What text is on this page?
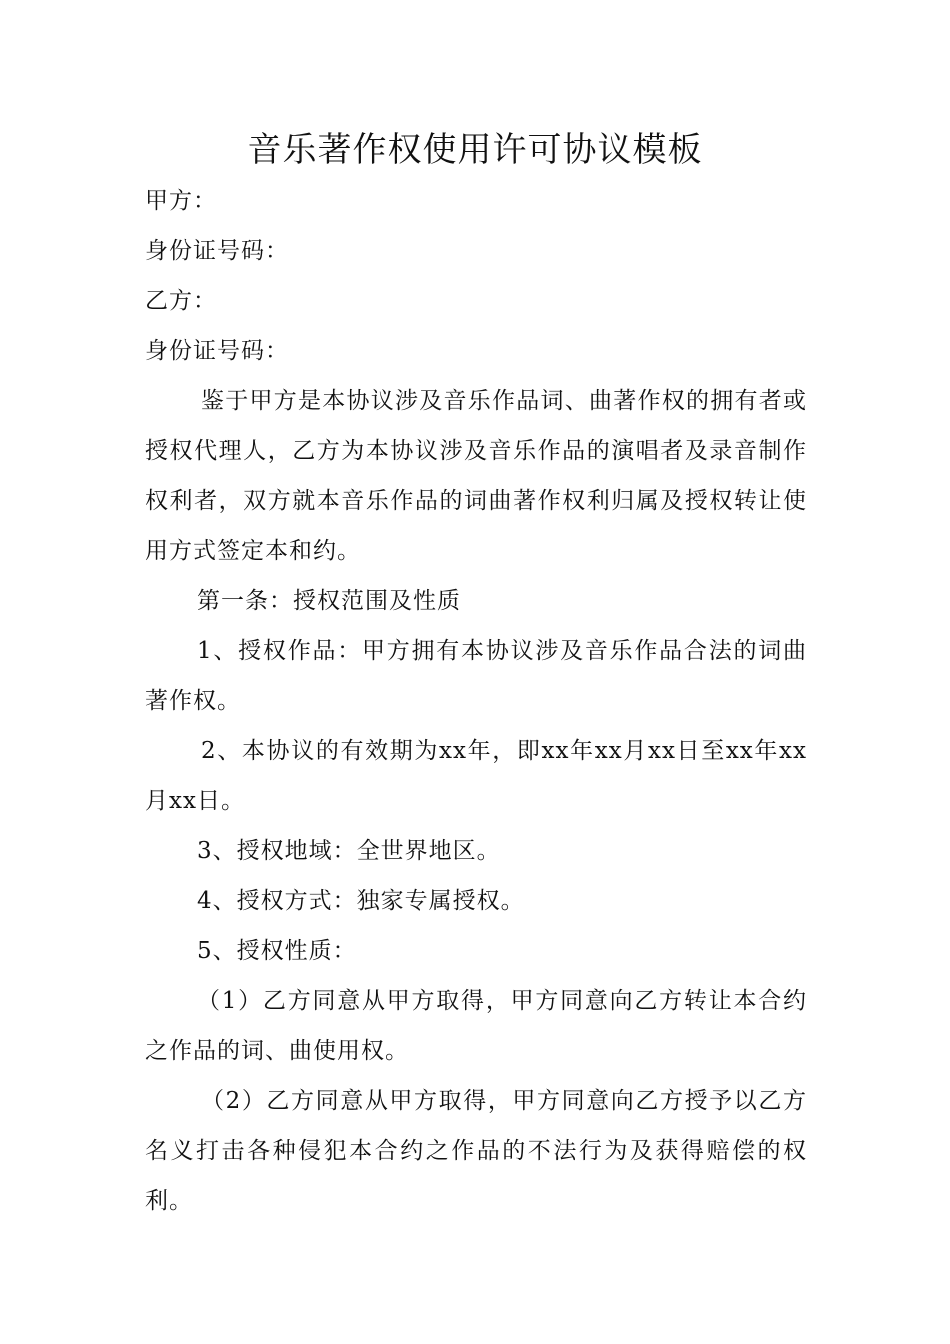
音乐著作权使用许可协议模板

甲方：

身份证号码：

乙方：

身份证号码：

鉴于甲方是本协议涉及音乐作品词、曲著作权的拥有者或授权代理人，乙方为本协议涉及音乐作品的演唱者及录音制作权利者，双方就本音乐作品的词曲著作权利归属及授权转让使用方式签定本和约。

第一条：授权范围及性质

1、授权作品：甲方拥有本协议涉及音乐作品合法的词曲著作权。

2、本协议的有效期为xx年，即xx年xx月xx日至xx年xx月xx日。

3、授权地域：全世界地区。

4、授权方式：独家专属授权。

5、授权性质：

（1）乙方同意从甲方取得，甲方同意向乙方转让本合约之作品的词、曲使用权。

（2）乙方同意从甲方取得，甲方同意向乙方授予以乙方名义打击各种侵犯本合约之作品的不法行为及获得赔偿的权利。
